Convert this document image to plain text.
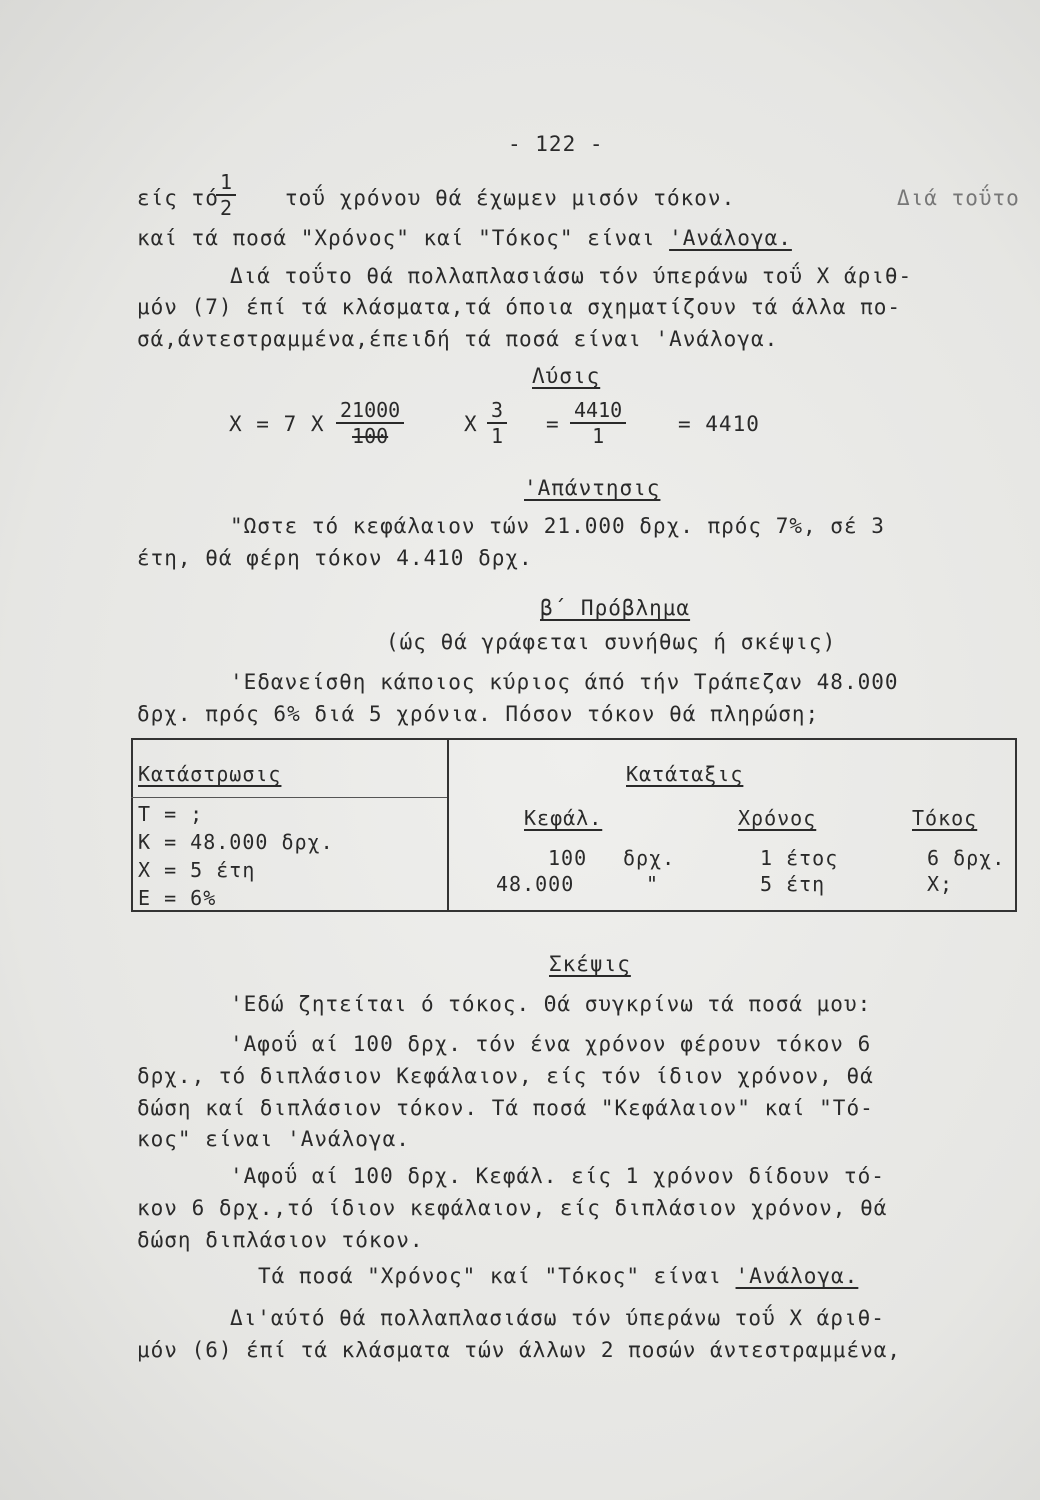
- 122 -
είς τό
$\frac{1}{2}$ τοΰ χρόνου θά έχωμεν μισόν τόκον.	Διά τοΰτο
καί τά ποσά "Χρόνος" καί "Τόκος" είναι 'Ανάλογα.
Διά τοΰτο θά πολλαπλασιάσω τόν ύπεράνω τοΰ Χ άριθ-
μόν (7) έπί τά κλάσματα,τά όποια σχηματίζουν τά άλλα πο-
σά,άντεστραμμένα,έπειδή τά ποσά είναι 'Ανάλογα.
Λύσις
Χ = 7 Χ $\frac{21000}{100}$	Χ $\frac{3}{1} = \frac{4410}{1} = 4410$
'Απάντησις
"Ωστε τό κεφάλαιον τών 21.000 δρχ. πρός 7%, σέ 3
έτη, θά φέρη τόκον 4.410 δρχ.
β΄ Πρόβλημα
(ώς θά γράφεται συνήθως ή σκέψις)
'Εδανείσθη κάποιος κύριος άπό τήν Τράπεζαν 48.000
δρχ. πρός 6% διά 5 χρόνια. Πόσον τόκον θά πληρώση;
Κατάστρωσις
Τ = ;
Κ = 48.000 δρχ.
Χ = 5 έτη
Ε = 6%
Κατάταξις
Κεφάλ.	Χρόνος	Τόκος
100 δρχ.	1 έτος	6 δρχ.
48.000	"	5 έτη	Χ;
Σκέψις
'Εδώ ζητείται ό τόκος. Θά συγκρίνω τά ποσά μου:
'Αφοΰ αί 100 δρχ. τόν ένα χρόνον φέρουν τόκον 6
δρχ., τό διπλάσιον Κεφάλαιον, είς τόν ίδιον χρόνον, θά
δώση καί διπλάσιον τόκον. Τά ποσά "Κεφάλαιον" καί "Τό-
κος" είναι 'Ανάλογα.
'Αφοΰ αί 100 δρχ. Κεφάλ. είς 1 χρόνον δίδουν τό-
κον 6 δρχ.,τό ίδιον κεφάλαιον, είς διπλάσιον χρόνον, θά
δώση διπλάσιον τόκον.
Τά ποσά "Χρόνος" καί "Τόκος" είναι 'Ανάλογα.
Δι'αύτό θά πολλαπλασιάσω τόν ύπεράνω τοΰ Χ άριθ-
μόν (6) έπί τά κλάσματα τών άλλων 2 ποσών άντεστραμμένα,
